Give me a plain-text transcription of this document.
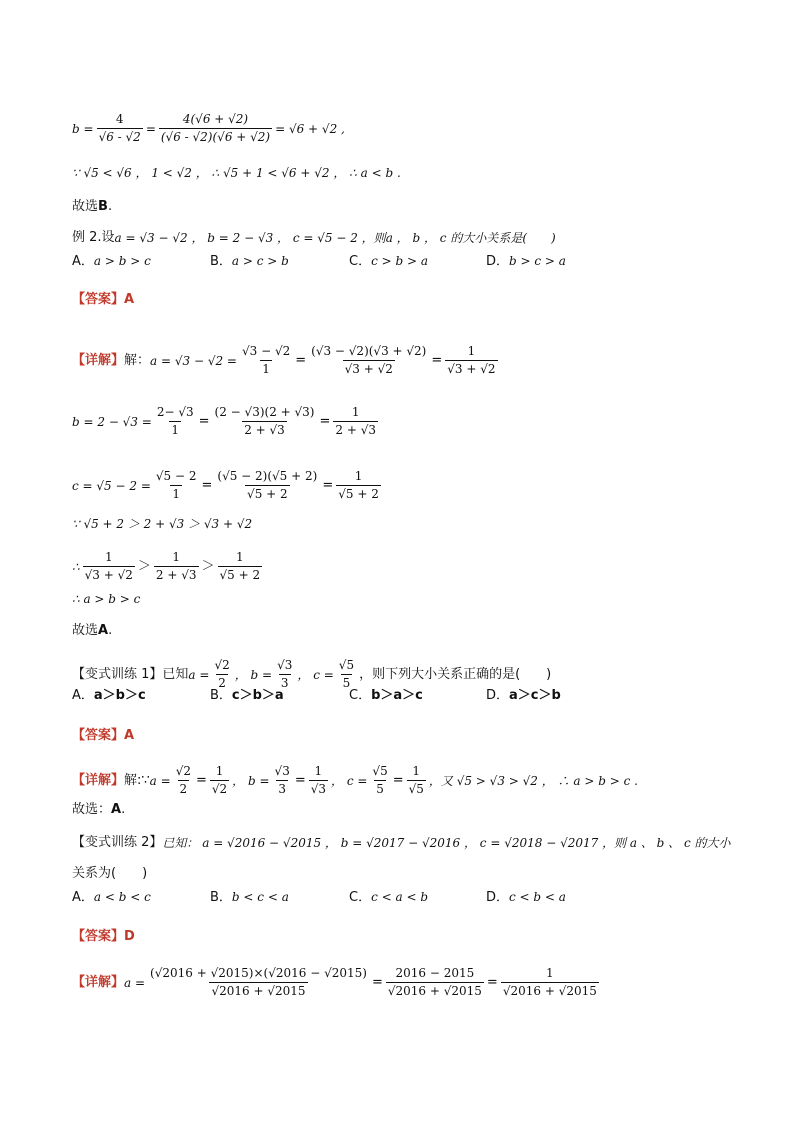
$b = \frac{4}{√6 - √2} = \frac{4(√6 + √2)}{(√6 - √2)(√6 + √2)} = √6 + √2$ ,
∵ √5 < √6 ， 1 < √2 ， ∴ √5 + 1 < √6 + √2 ， ∴ a < b .
故选 B .
例 2.设 a = √3 − √2 ， b = 2 − √3 ， c = √5 − 2 ，则 a ， b ， c 的大小关系是(　　)
A．a > b > c	B．a > c > b	C．c > b > a	D．b > c > a
【答案】 A
【详解】 解： $a = √3 - √2 = \frac{√3 - √2}{1} = \frac{(√3 - √2)(√3 + √2)}{√3 + √2} = \frac{1}{√3 + √2}$
$b = 2 - √3 = \frac{2- √3}{1} = \frac{(2 - √3)(2 + √3)}{2 + √3} = \frac{1}{2 + √3}$
$c = √5 - 2 = \frac{√5 - 2}{1} = \frac{(√5 - 2)(√5 + 2)}{√5 + 2} = \frac{1}{√5 + 2}$
∵ √5 + 2 ＞ 2 + √3 ＞ √3 + √2
∴ $\frac{1}{√3 + √2} > \frac{1}{2 + √3} > \frac{1}{√5 + 2}$
∴ a > b > c
故选 A .
【变式训练 1】 已知 $a = \frac{√2}{2}$ ， $b = \frac{√3}{3}$ ， $c = \frac{√5}{5}$ ，则下列大小关系正确的是(　　)
A．a＞b＞c	B．c＞b＞a	C．b＞a＞c	D．a＞c＞b
【答案】 A
【详解】 解:∵ $a = \frac{√2}{2} = \frac{1}{√2}$ ， $b = \frac{√3}{3} = \frac{1}{√3}$ ， $c = \frac{√5}{5} = \frac{1}{√5}$ ，又 √5 > √3 > √2 ， ∴ a > b > c .
故选： A .
【变式训练 2】 已知： a = √2016 − √2015 ， b = √2017 − √2016 ， c = √2018 − √2017 ，则 a 、 b 、 c 的大小
关系为(　　)
A．a < b < c	B．b < c < a	C．c < a < b	D．c < b < a
【答案】 D
【详解】 $a = \frac{(√2016 + √2015)\times(√2016 - √2015)}{√2016 + √2015} = \frac{2016 - 2015}{√2016 + √2015} = \frac{1}{√2016 + √2015}$
